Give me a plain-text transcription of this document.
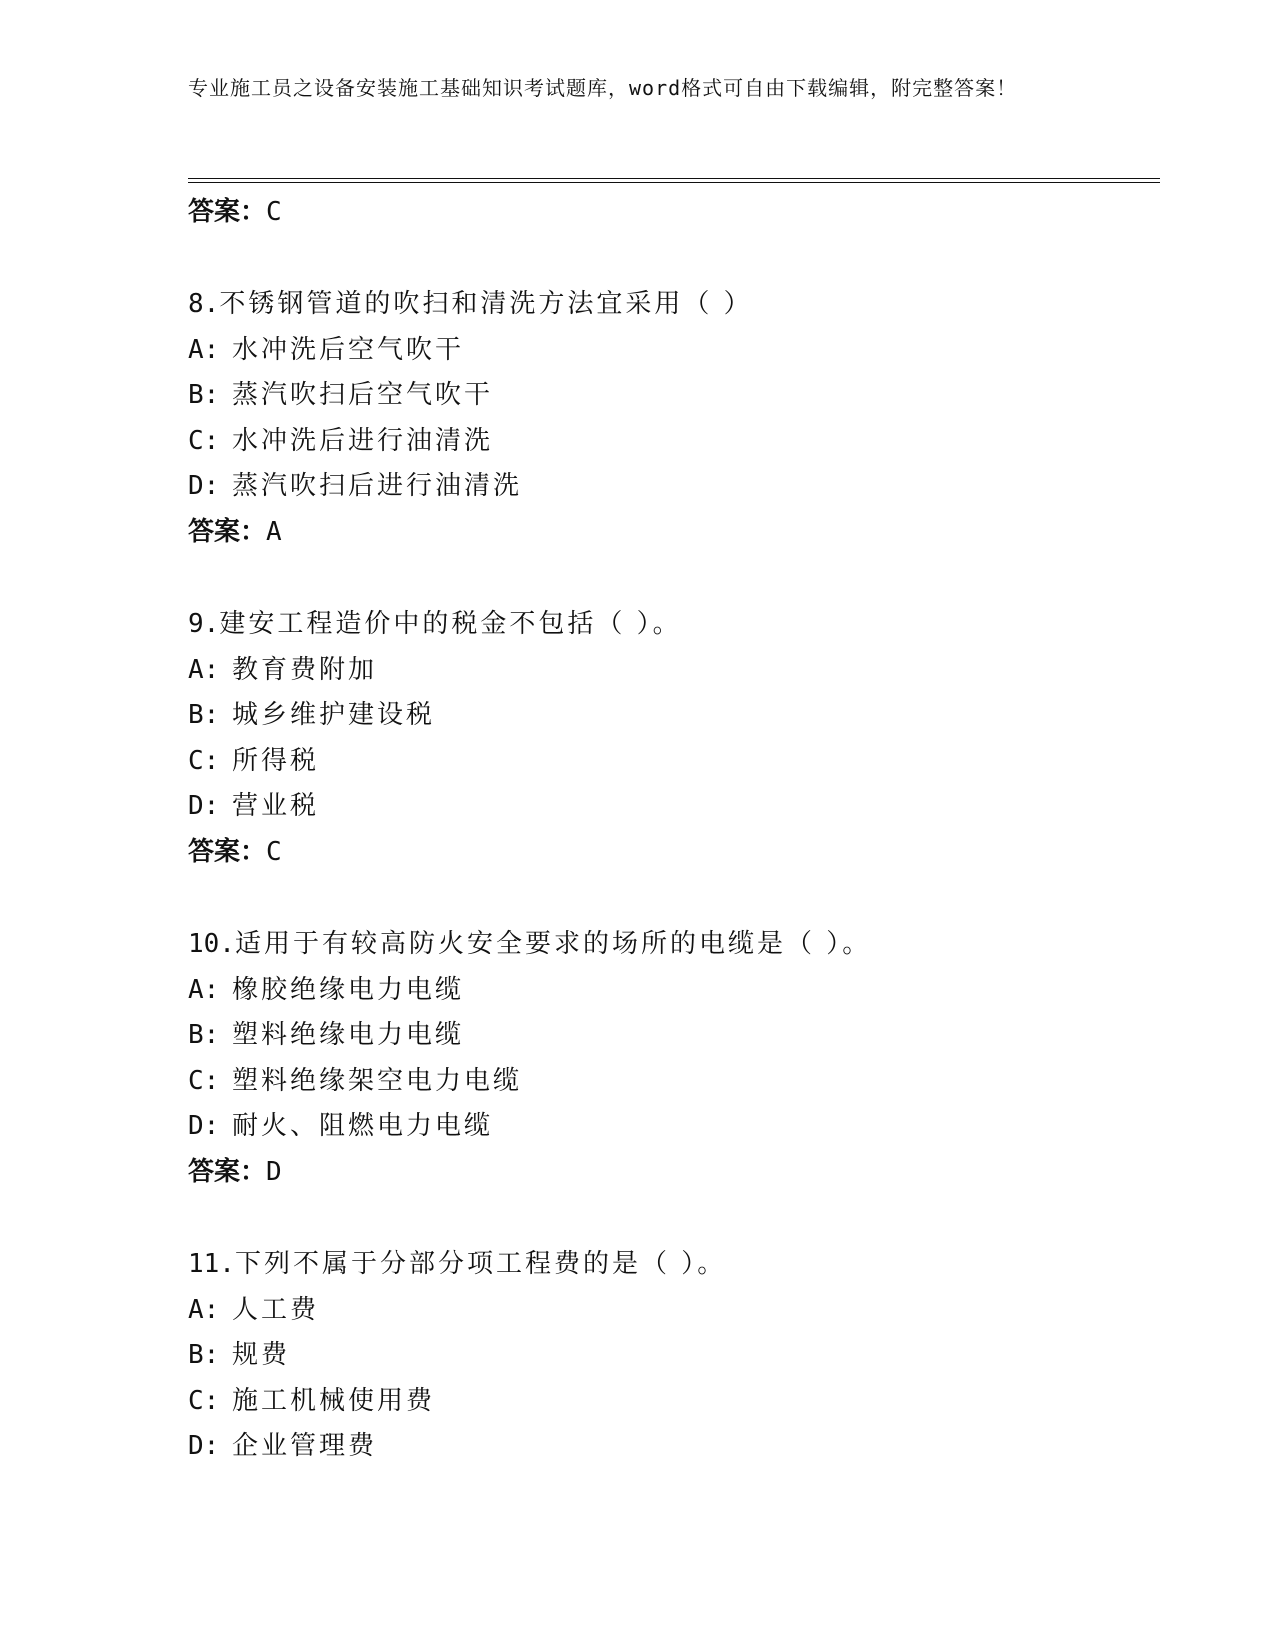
专业施工员之设备安装施工基础知识考试题库，word格式可自由下载编辑，附完整答案！
答案：C
8.不锈钢管道的吹扫和清洗方法宜采用（ ）
A: 水冲洗后空气吹干
B: 蒸汽吹扫后空气吹干
C: 水冲洗后进行油清洗
D: 蒸汽吹扫后进行油清洗
答案：A
9.建安工程造价中的税金不包括（ ）。
A: 教育费附加
B: 城乡维护建设税
C: 所得税
D: 营业税
答案：C
10.适用于有较高防火安全要求的场所的电缆是（ ）。
A: 橡胶绝缘电力电缆
B: 塑料绝缘电力电缆
C: 塑料绝缘架空电力电缆
D: 耐火、阻燃电力电缆
答案：D
11.下列不属于分部分项工程费的是（ ）。
A: 人工费
B: 规费
C: 施工机械使用费
D: 企业管理费
